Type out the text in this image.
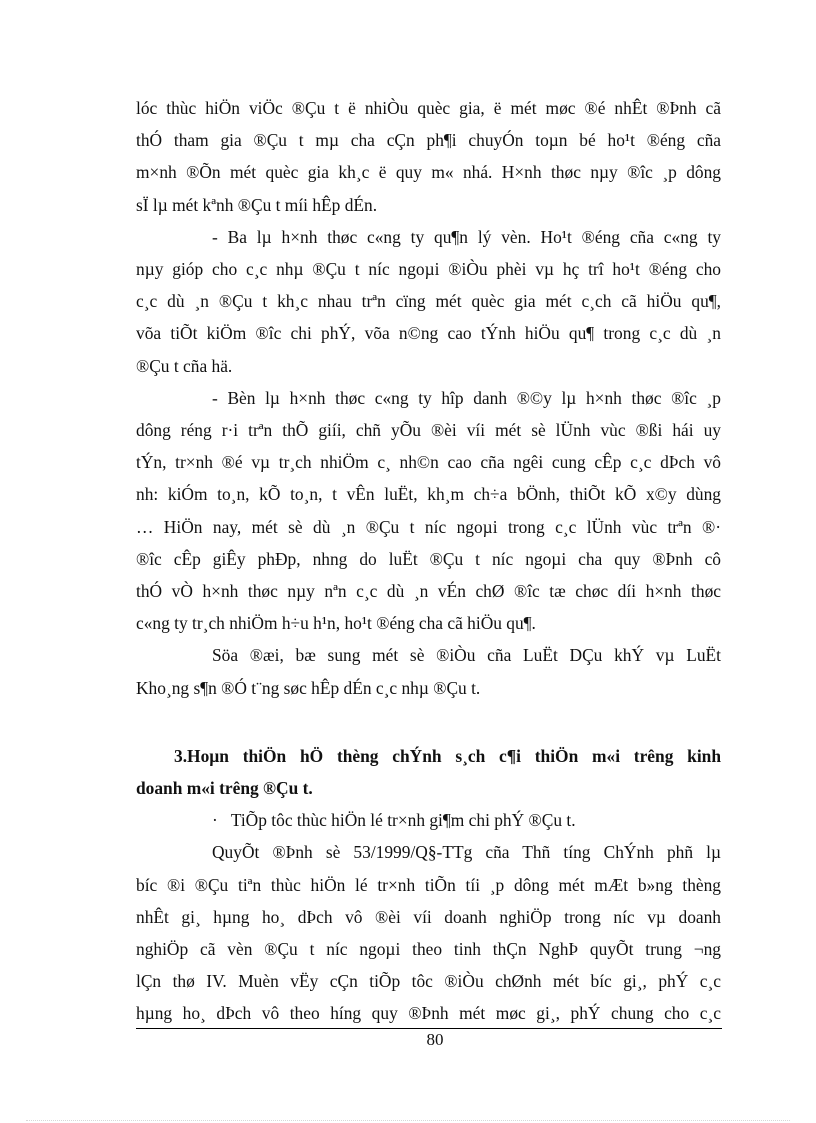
lóc thùc hiÖn viÖc ®Çu t ë nhiÒu quèc gia, ë mét møc ®é nhÊt ®Þnh cã
thÓ tham gia ®Çu t mµ cha cÇn ph¶i chuyÓn toµn bé ho¹t ®éng cña
m×nh ®Õn mét quèc gia kh¸c ë quy m« nhá. H×nh thøc nµy ®îc ¸p dông
sÏ lµ mét kªnh ®Çu t míi hÊp dÉn.
- Ba lµ h×nh thøc c«ng ty qu¶n lý vèn. Ho¹t ®éng cña c«ng ty
nµy gióp cho c¸c nhµ ®Çu t níc ngoµi ®iÒu phèi vµ hç trî ho¹t ®éng cho
c¸c dù ¸n ®Çu t kh¸c nhau trªn cïng mét quèc gia mét c¸ch cã hiÖu qu¶,
võa tiÕt kiÖm ®îc chi phÝ, võa n©ng cao tÝnh hiÖu qu¶ trong c¸c dù ¸n
®Çu t cña hä.
- Bèn lµ h×nh thøc c«ng ty hîp danh ®©y lµ h×nh thøc ®îc ¸p
dông réng r·i trªn thÕ giíi, chñ yÕu ®èi víi mét sè lÜnh vùc ®ßi hái uy
tÝn, tr×nh ®é vµ tr¸ch nhiÖm c¸ nh©n cao cña ngêi cung cÊp c¸c dÞch vô
nh: kiÓm to¸n, kÕ to¸n, t vÊn luËt, kh¸m ch÷a bÖnh, thiÕt kÕ x©y dùng
… HiÖn nay, mét sè dù ¸n ®Çu t níc ngoµi trong c¸c lÜnh vùc trªn ®·
®îc cÊp giÊy phÐp, nhng do luËt ®Çu t níc ngoµi cha quy ®Þnh cô
thÓ vÒ h×nh thøc nµy nªn c¸c dù ¸n vÉn chØ ®îc tæ chøc díi h×nh thøc
c«ng ty tr¸ch nhiÖm h÷u h¹n, ho¹t ®éng cha cã hiÖu qu¶.
Söa ®æi, bæ sung mét sè ®iÒu cña LuËt DÇu khÝ vµ LuËt
Kho¸ng s¶n ®Ó t¨ng søc hÊp dÉn c¸c nhµ ®Çu t.
3.Hoµn thiÖn hÖ thèng chÝnh s¸ch c¶i thiÖn m«i trêng kinh
doanh m«i trêng ®Çu t.
· TiÕp tôc thùc hiÖn lé tr×nh gi¶m chi phÝ ®Çu t.
QuyÕt ®Þnh sè 53/1999/Q§-TTg cña Thñ tíng ChÝnh phñ lµ
bíc ®i ®Çu tiªn thùc hiÖn lé tr×nh tiÕn tíi ¸p dông mét mÆt b»ng thèng
nhÊt gi¸ hµng ho¸ dÞch vô ®èi víi doanh nghiÖp trong níc vµ doanh
nghiÖp cã vèn ®Çu t níc ngoµi theo tinh thÇn NghÞ quyÕt trung ¬ng
lÇn thø IV. Muèn vËy cÇn tiÕp tôc ®iÒu chØnh mét bíc gi¸, phÝ c¸c
hµng ho¸ dÞch vô theo híng quy ®Þnh mét møc gi¸, phÝ chung cho c¸c
80
